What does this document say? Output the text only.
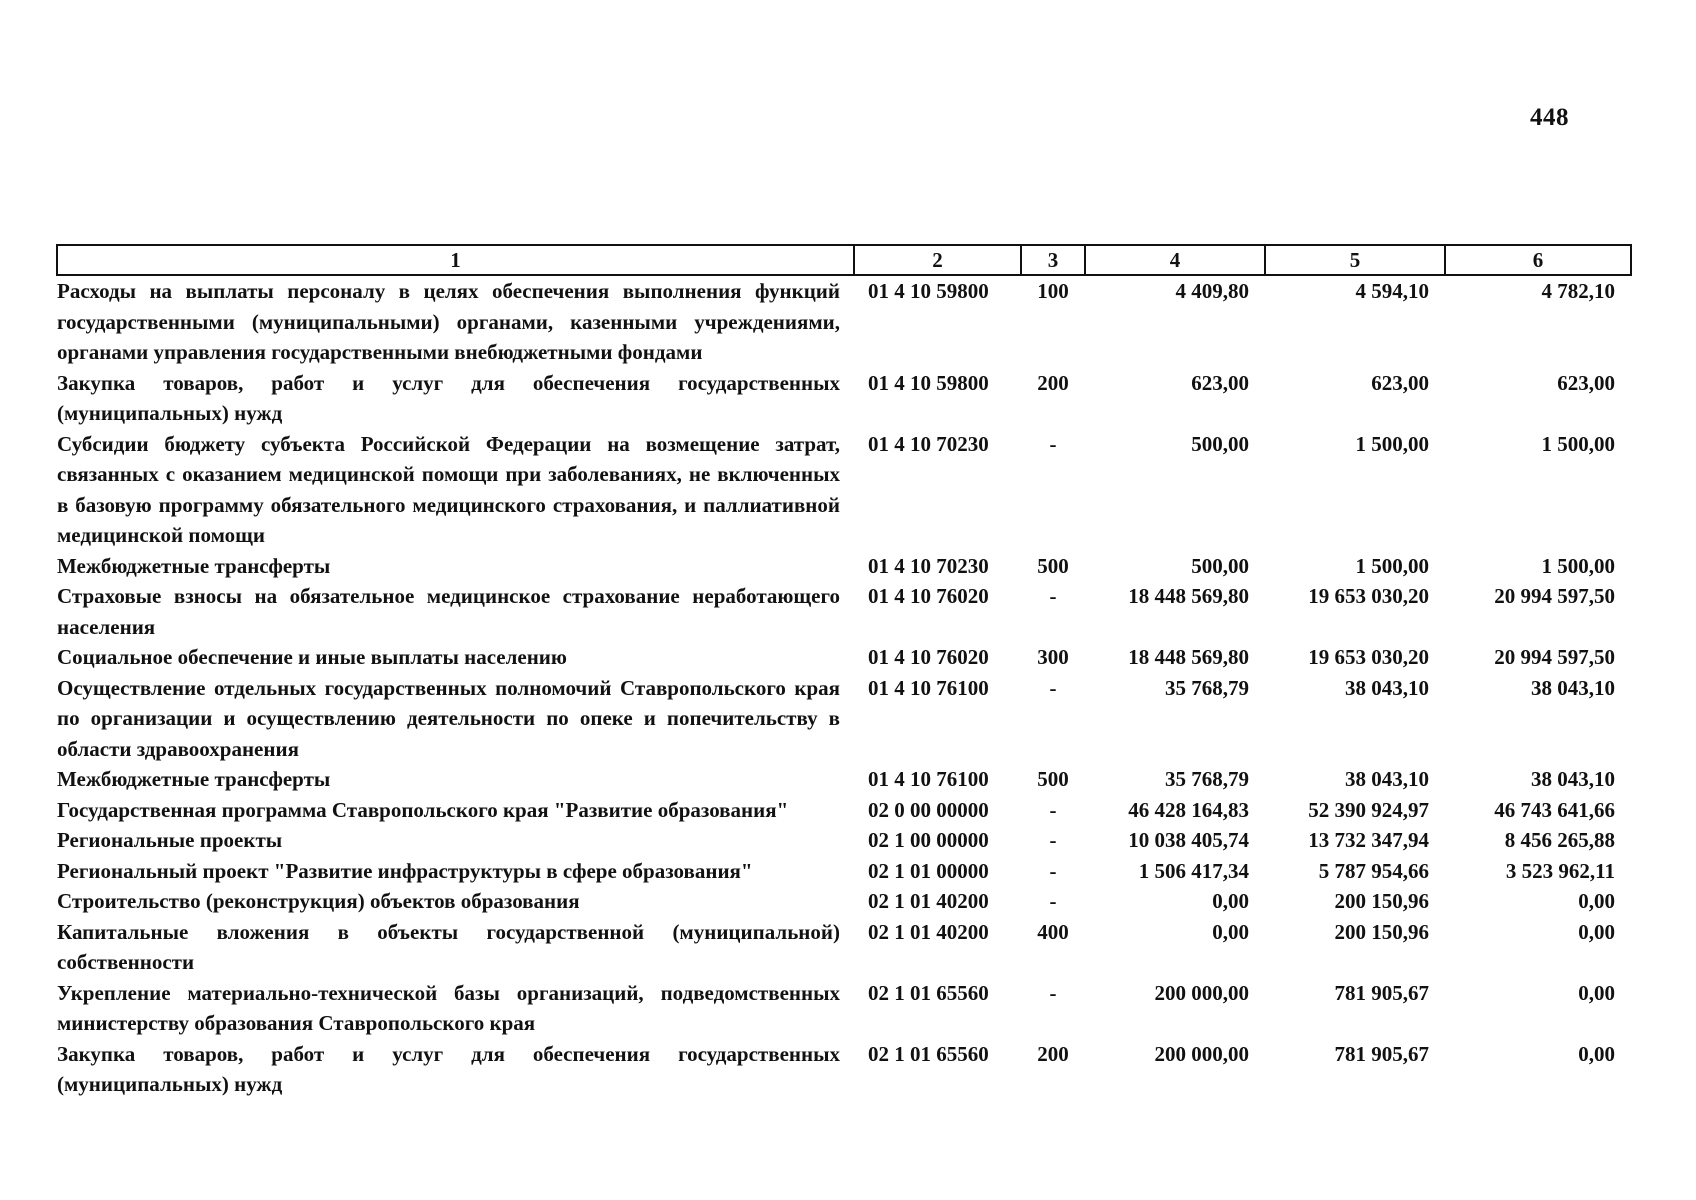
448
1	2	3	4	5	6
Расходы на выплаты персоналу в целях обеспечения выполнения функций государственными (муниципальными) органами, казенными учреждениями, органами управления государственными внебюджетными фондами	01 4 10 59800	100	4 409,80	4 594,10	4 782,10
Закупка товаров, работ и услуг для обеспечения государственных (муниципальных) нужд	01 4 10 59800	200	623,00	623,00	623,00
Субсидии бюджету субъекта Российской Федерации на возмещение затрат, связанных с оказанием медицинской помощи при заболеваниях, не включенных в базовую программу обязательного медицинского страхования, и паллиативной медицинской помощи	01 4 10 70230	-	500,00	1 500,00	1 500,00
Межбюджетные трансферты	01 4 10 70230	500	500,00	1 500,00	1 500,00
Страховые взносы на обязательное медицинское страхование неработающего населения	01 4 10 76020	-	18 448 569,80	19 653 030,20	20 994 597,50
Социальное обеспечение и иные выплаты населению	01 4 10 76020	300	18 448 569,80	19 653 030,20	20 994 597,50
Осуществление отдельных государственных полномочий Ставропольского края по организации и осуществлению деятельности по опеке и попечительству в области здравоохранения	01 4 10 76100	-	35 768,79	38 043,10	38 043,10
Межбюджетные трансферты	01 4 10 76100	500	35 768,79	38 043,10	38 043,10
Государственная программа Ставропольского края "Развитие образования"	02 0 00 00000	-	46 428 164,83	52 390 924,97	46 743 641,66
Региональные проекты	02 1 00 00000	-	10 038 405,74	13 732 347,94	8 456 265,88
Региональный проект "Развитие инфраструктуры в сфере образования"	02 1 01 00000	-	1 506 417,34	5 787 954,66	3 523 962,11
Строительство (реконструкция) объектов образования	02 1 01 40200	-	0,00	200 150,96	0,00
Капитальные вложения в объекты государственной (муниципальной) собственности	02 1 01 40200	400	0,00	200 150,96	0,00
Укрепление материально-технической базы организаций, подведомственных министерству образования Ставропольского края	02 1 01 65560	-	200 000,00	781 905,67	0,00
Закупка товаров, работ и услуг для обеспечения государственных (муниципальных) нужд	02 1 01 65560	200	200 000,00	781 905,67	0,00
